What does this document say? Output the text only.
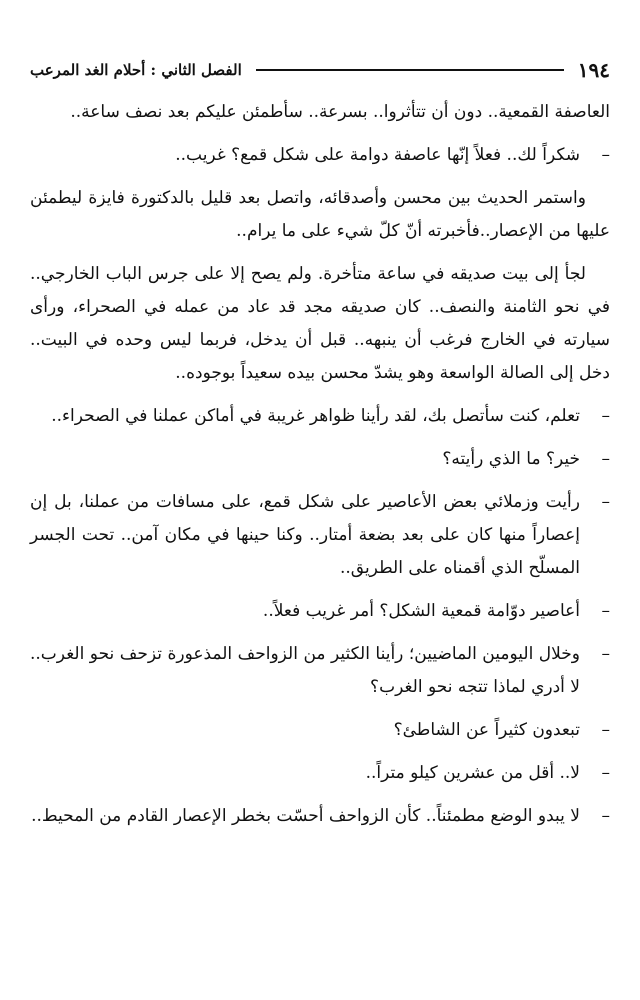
١٩٤
الفصل الثاني : أحلام الغد المرعب

العاصفة القمعية.. دون أن تتأثروا.. بسرعة.. سأطمئن عليكم بعد نصف ساعة..

–
شكراً لك.. فعلاً إنّها عاصفة دوامة على شكل قمع؟ غريب..

واستمر الحديث بين محسن وأصدقائه، واتصل بعد قليل بالدكتورة فايزة ليطمئن عليها من الإعصار..فأخبرته أنّ كلّ شيء على ما يرام..

لجأ إلى بيت صديقه في ساعة متأخرة. ولم يصح إلا على جرس الباب الخارجي.. في نحو الثامنة والنصف.. كان صديقه مجد قد عاد من عمله في الصحراء، ورأى سيارته في الخارج فرغب أن ينبهه.. قبل أن يدخل، فربما ليس وحده في البيت.. دخل إلى الصالة الواسعة وهو يشدّ محسن بيده سعيداً بوجوده..

–
تعلم، كنت سأتصل بك، لقد رأينا ظواهر غريبة في أماكن عملنا في الصحراء..
–
خير؟ ما الذي رأيته؟
–
رأيت وزملائي بعض الأعاصير على شكل قمع، على مسافات من عملنا، بل إن إعصاراً منها كان على بعد بضعة أمتار.. وكنا حينها في مكان آمن.. تحت الجسر المسلّح الذي أقمناه على الطريق..
–
أعاصير دوّامة قمعية الشكل؟ أمر غريب فعلاً..
–
وخلال اليومين الماضيين؛ رأينا الكثير من الزواحف المذعورة تزحف نحو الغرب.. لا أدري لماذا تتجه نحو الغرب؟
–
تبعدون كثيراً عن الشاطئ؟
–
لا.. أقل من عشرين كيلو متراً..
–
لا يبدو الوضع مطمئناً.. كأن الزواحف أحسّت بخطر الإعصار القادم من المحيط..
